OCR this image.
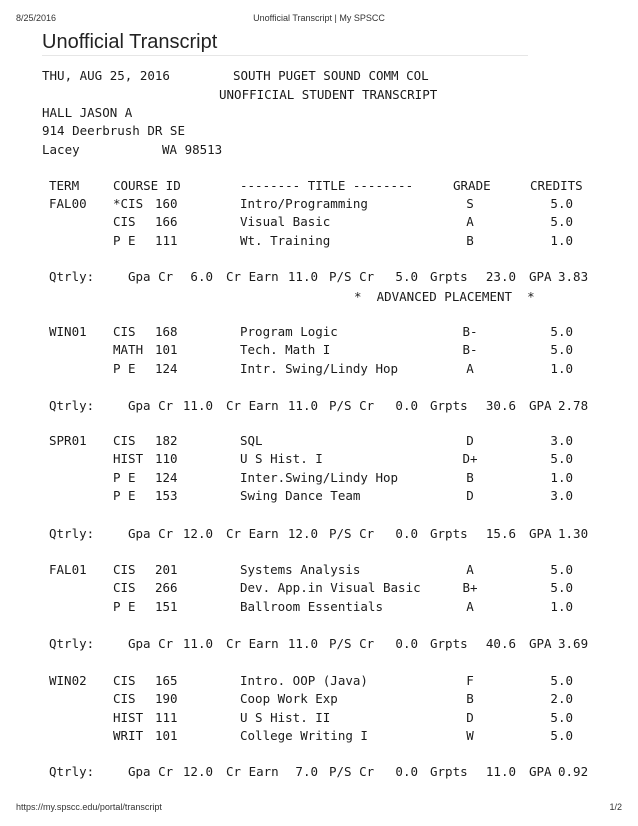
8/25/2016	Unofficial Transcript | My SPSCC
Unofficial Transcript
THU, AUG 25, 2016	SOUTH PUGET SOUND COMM COL
UNOFFICIAL STUDENT TRANSCRIPT
HALL JASON A
914 Deerbrush DR SE
Lacey	WA 98513
TERM	COURSE ID	-------- TITLE --------	GRADE	CREDITS
FAL00 *CIS 160	Intro/Programming	S	5.0
CIS 166	Visual Basic	A	5.0
P E 111	Wt. Training	B	1.0
Qtrly:	Gpa Cr	6.0 Cr Earn 11.0 P/S Cr	5.0 Grpts	23.0 GPA 3.83
*  ADVANCED PLACEMENT  *
WIN01 CIS 168	Program Logic	B-	5.0
MATH 101	Tech. Math I	B-	5.0
P E 124	Intr. Swing/Lindy Hop	A	1.0
Qtrly:	Gpa Cr 11.0 Cr Earn 11.0 P/S Cr	0.0 Grpts	30.6 GPA 2.78
SPR01 CIS 182	SQL	D	3.0
HIST 110	U S Hist. I	D+	5.0
P E 124	Inter.Swing/Lindy Hop	B	1.0
P E 153	Swing Dance Team	D	3.0
Qtrly:	Gpa Cr 12.0 Cr Earn 12.0 P/S Cr	0.0 Grpts	15.6 GPA 1.30
FAL01 CIS 201	Systems Analysis	A	5.0
CIS 266	Dev. App.in Visual Basic	B+	5.0
P E 151	Ballroom Essentials	A	1.0
Qtrly:	Gpa Cr 11.0 Cr Earn 11.0 P/S Cr	0.0 Grpts	40.6 GPA 3.69
WIN02 CIS 165	Intro. OOP (Java)	F	5.0
CIS 190	Coop Work Exp	B	2.0
HIST 111	U S Hist. II	D	5.0
WRIT 101	College Writing I	W	5.0
Qtrly:	Gpa Cr 12.0 Cr Earn	7.0 P/S Cr	0.0 Grpts	11.0 GPA 0.92
https://my.spscc.edu/portal/transcript	1/2
